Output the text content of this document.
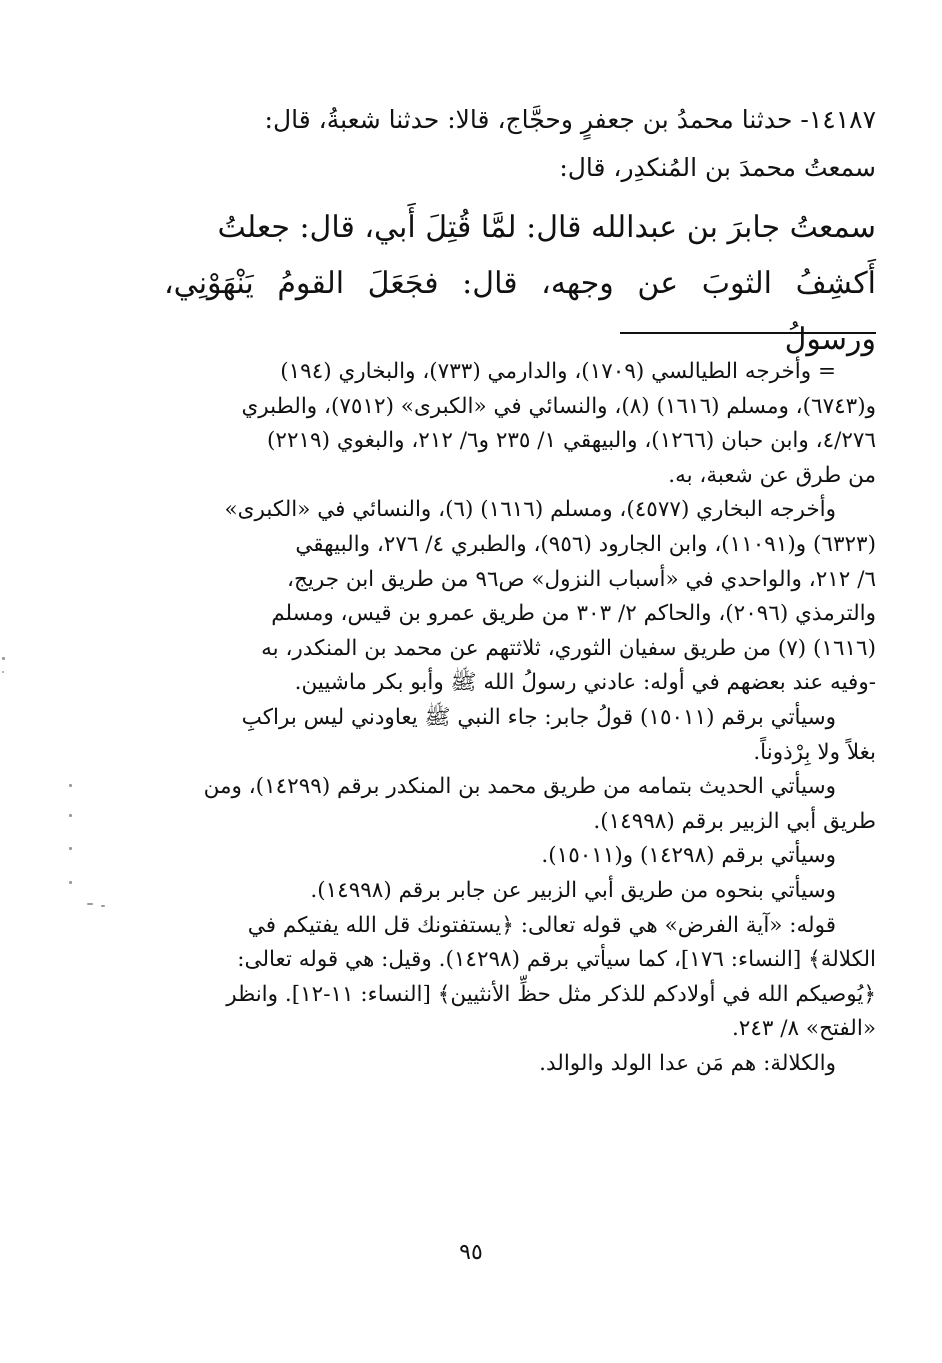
١٤١٨٧- حدثنا محمدُ بن جعفرٍ وحجَّاج، قالا: حدثنا شعبةُ، قال:

سمعتُ محمدَ بن المُنكدِر، قال:

سمعتُ جابرَ بن عبدالله قال: لمَّا قُتِلَ أَبي، قال: جعلتُ

أَكشِفُ الثوبَ عن وجهه، قال: فجَعَلَ القومُ يَنْهَوْنِي، ورسولُ

= وأخرجه الطيالسي (١٧٠٩)، والدارمي (٧٣٣)، والبخاري (١٩٤)

و(٦٧٤٣)، ومسلم (١٦١٦) (٨)، والنسائي في «الكبرى» (٧٥١٢)، والطبري

٤/٢٧٦، وابن حبان (١٢٦٦)، والبيهقي ١/ ٢٣٥ و٦/ ٢١٢، والبغوي (٢٢١٩)

من طرق عن شعبة، به.

وأخرجه البخاري (٤٥٧٧)، ومسلم (١٦١٦) (٦)، والنسائي في «الكبرى»

(٦٣٢٣) و(١١٠٩١)، وابن الجارود (٩٥٦)، والطبري ٤/ ٢٧٦، والبيهقي

٦/ ٢١٢، والواحدي في «أسباب النزول» ص٩٦ من طريق ابن جريج،

والترمذي (٢٠٩٦)، والحاكم ٢/ ٣٠٣ من طريق عمرو بن قيس، ومسلم

(١٦١٦) (٧) من طريق سفيان الثوري، ثلاثتهم عن محمد بن المنكدر، به

-وفيه عند بعضهم في أوله: عادني رسولُ الله ﷺ وأبو بكر ماشيين.

وسيأتي برقم (١٥٠١١) قولُ جابر: جاء النبي ﷺ يعاودني ليس براكبِ

بغلاً ولا بِرْذوناً.

وسيأتي الحديث بتمامه من طريق محمد بن المنكدر برقم (١٤٢٩٩)، ومن

طريق أبي الزبير برقم (١٤٩٩٨).

وسيأتي برقم (١٤٢٩٨) و(١٥٠١١).

وسيأتي بنحوه من طريق أبي الزبير عن جابر برقم (١٤٩٩٨).

قوله: «آية الفرض» هي قوله تعالى: ﴿يستفتونك قل الله يفتيكم في

الكلالة﴾ [النساء: ١٧٦]، كما سيأتي برقم (١٤٢٩٨). وقيل: هي قوله تعالى:

﴿يُوصيكم الله في أولادكم للذكر مثل حظِّ الأنثيين﴾ [النساء: ١١-١٢]. وانظر

«الفتح» ٨/ ٢٤٣.

والكلالة: هم مَن عدا الولد والوالد.

٩٥
